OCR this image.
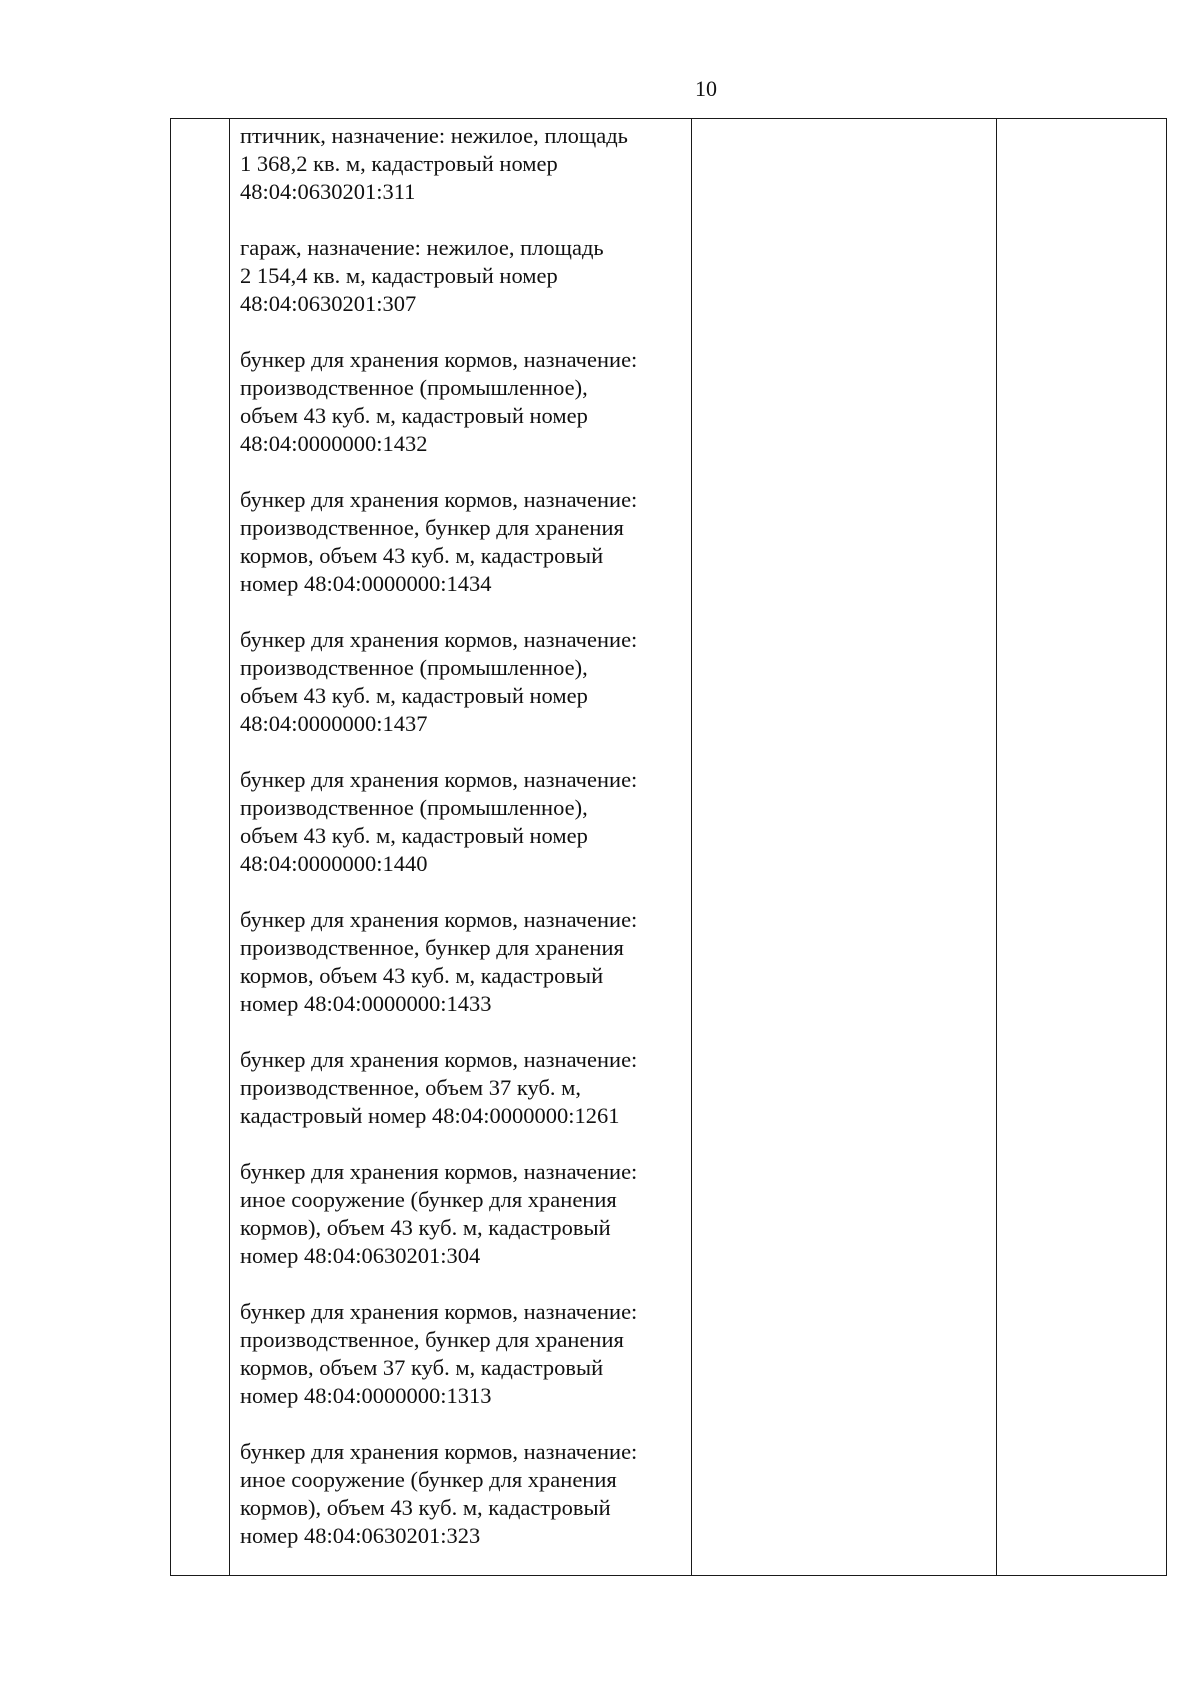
10

птичник, назначение: нежилое, площадь
1 368,2 кв. м, кадастровый номер
48:04:0630201:311
гараж, назначение: нежилое, площадь
2 154,4 кв. м, кадастровый номер
48:04:0630201:307
бункер для хранения кормов, назначение:
производственное (промышленное),
объем 43 куб. м, кадастровый номер
48:04:0000000:1432
бункер для хранения кормов, назначение:
производственное, бункер для хранения
кормов, объем 43 куб. м, кадастровый
номер 48:04:0000000:1434
бункер для хранения кормов, назначение:
производственное (промышленное),
объем 43 куб. м, кадастровый номер
48:04:0000000:1437
бункер для хранения кормов, назначение:
производственное (промышленное),
объем 43 куб. м, кадастровый номер
48:04:0000000:1440
бункер для хранения кормов, назначение:
производственное, бункер для хранения
кормов, объем 43 куб. м, кадастровый
номер 48:04:0000000:1433
бункер для хранения кормов, назначение:
производственное, объем 37 куб. м,
кадастровый номер 48:04:0000000:1261
бункер для хранения кормов, назначение:
иное сооружение (бункер для хранения
кормов), объем 43 куб. м, кадастровый
номер 48:04:0630201:304
бункер для хранения кормов, назначение:
производственное, бункер для хранения
кормов, объем 37 куб. м, кадастровый
номер 48:04:0000000:1313
бункер для хранения кормов, назначение:
иное сооружение (бункер для хранения
кормов), объем 43 куб. м, кадастровый
номер 48:04:0630201:323
